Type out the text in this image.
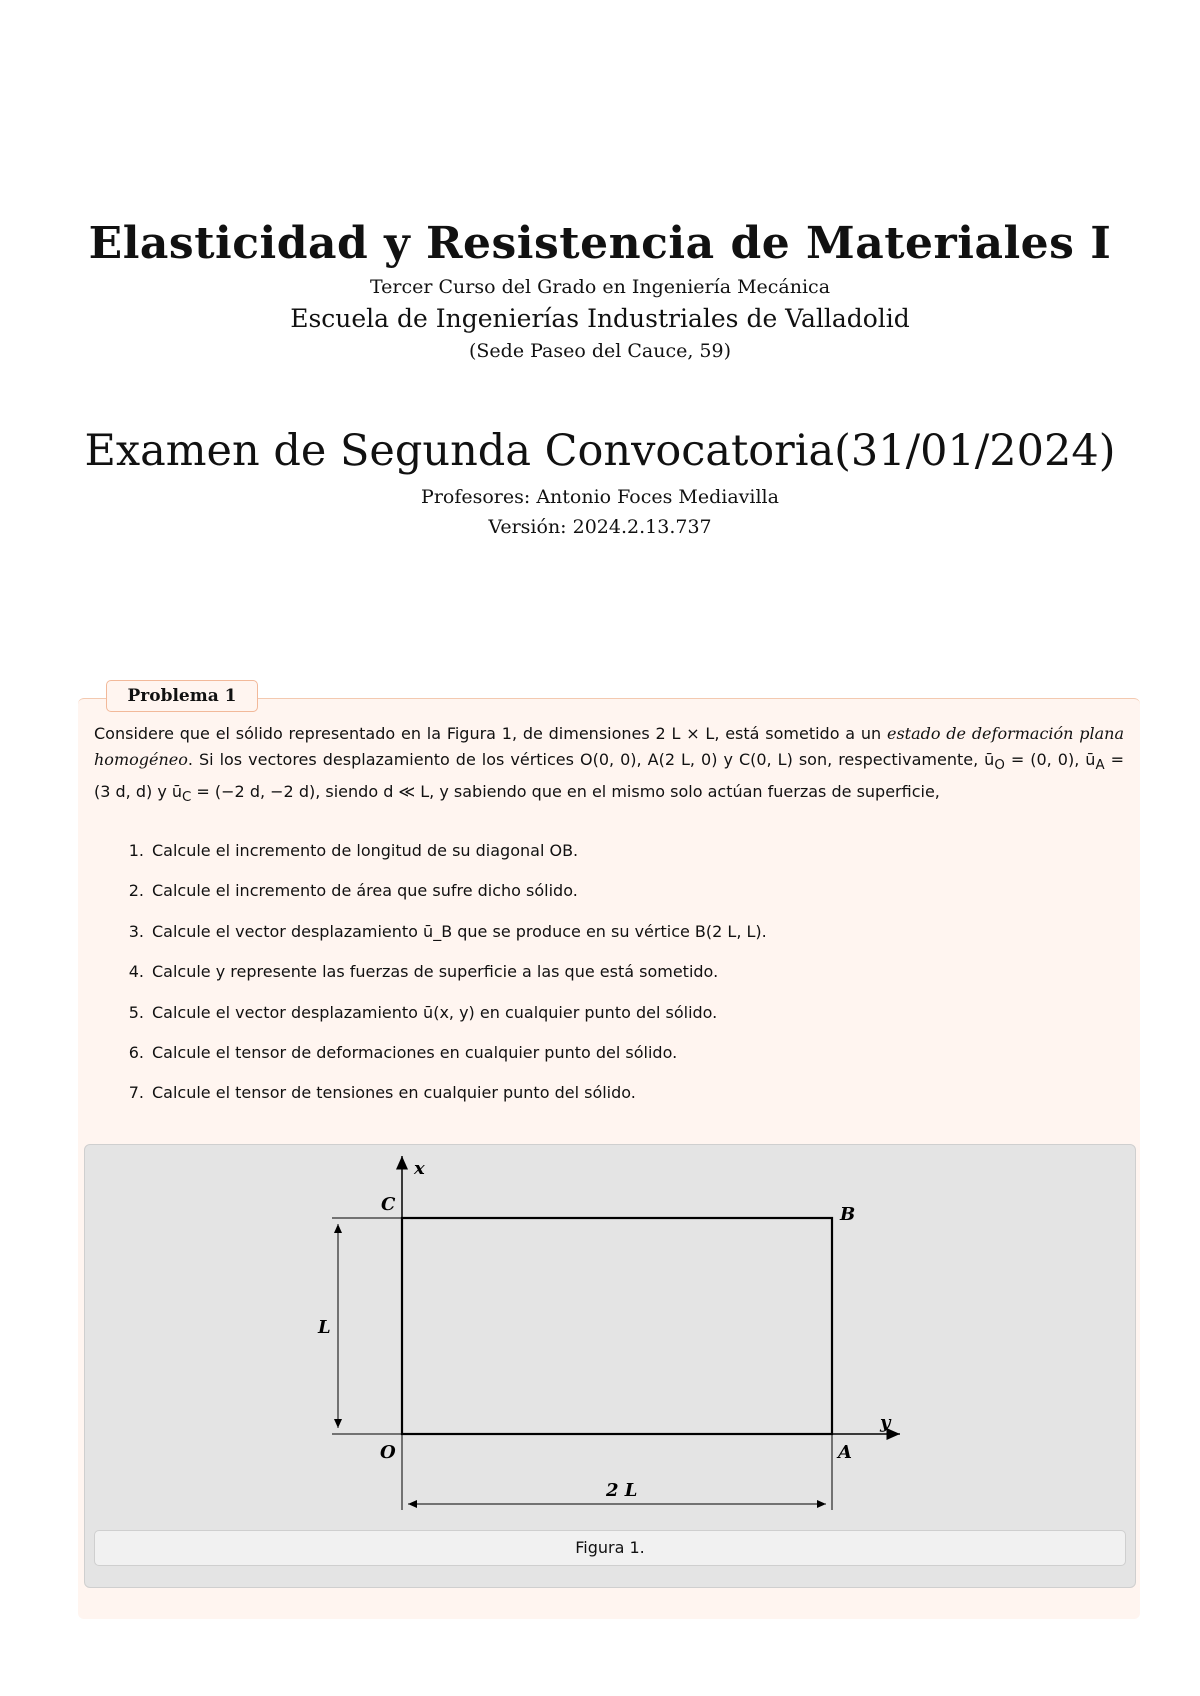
Elasticidad y Resistencia de Materiales I
Tercer Curso del Grado en Ingeniería Mecánica
Escuela de Ingenierías Industriales de Valladolid
(Sede Paseo del Cauce, 59)
Examen de Segunda Convocatoria(31/01/2024)
Profesores: Antonio Foces Mediavilla
Versión: 2024.2.13.737
Problema 1
Considere que el sólido representado en la Figura 1, de dimensiones 2 L × L, está sometido a un estado de deformación plana homogéneo. Si los vectores desplazamiento de los vértices O(0, 0), A(2 L, 0) y C(0, L) son, respectivamente, $ū_O = (0$, 0), $ū_A = (3$ d, d) y $ū_C = (-2$ d, −2 d), siendo d ≪ L, y sabiendo que en el mismo solo actúan fuerzas de superficie,
1. Calcule el incremento de longitud de su diagonal OB.
2. Calcule el incremento de área que sufre dicho sólido.
3. Calcule el vector desplazamiento ū_B que se produce en su vértice B(2 L, L).
4. Calcule y represente las fuerzas de superficie a las que está sometido.
5. Calcule el vector desplazamiento ū(x, y) en cualquier punto del sólido.
6. Calcule el tensor de deformaciones en cualquier punto del sólido.
7. Calcule el tensor de tensiones en cualquier punto del sólido.
x
y
C	B
O	A
L
2 L
Figura 1.
